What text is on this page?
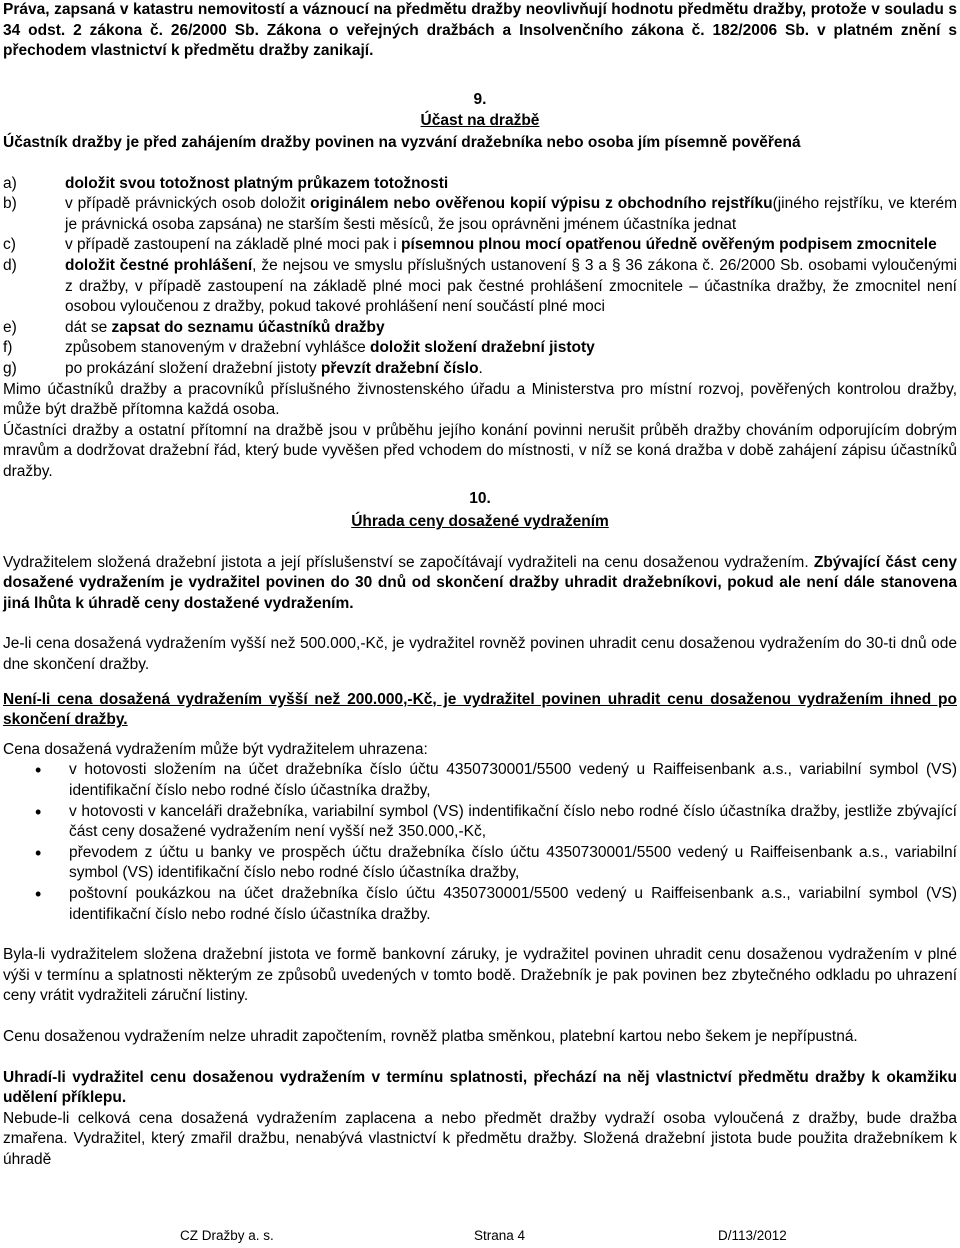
Práva, zapsaná v katastru nemovitostí a váznoucí na předmětu dražby neovlivňují hodnotu předmětu dražby, protože v souladu s 34 odst. 2 zákona č. 26/2000 Sb. Zákona o veřejných dražbách a Insolvenčního zákona č. 182/2006 Sb. v platném znění s přechodem vlastnictví k předmětu dražby zanikají.

9.

Účast na dražbě

Účastník dražby je před zahájením dražby povinen na vyzvání dražebníka nebo osoba jím písemně pověřená

a)	doložit svou totožnost platným průkazem totožnosti
b)	v případě právnických osob doložit originálem nebo ověřenou kopií výpisu z obchodního rejstříku(jiného rejstříku, ve kterém je právnická osoba zapsána) ne starším šesti měsíců, že jsou oprávněni jménem účastníka jednat
c)	v případě zastoupení na základě plné moci pak i písemnou plnou mocí opatřenou úředně ověřeným podpisem zmocnitele
d)	doložit čestné prohlášení, že nejsou ve smyslu příslušných ustanovení § 3 a § 36 zákona č. 26/2000 Sb. osobami vyloučenými z dražby, v případě zastoupení na základě plné moci pak čestné prohlášení zmocnitele – účastníka dražby, že zmocnitel není osobou vyloučenou z dražby, pokud takové prohlášení není součástí plné moci
e)	dát se zapsat do seznamu účastníků dražby
f)	způsobem stanoveným v dražební vyhlášce doložit složení dražební jistoty
g)	po prokázání složení dražební jistoty převzít dražební číslo.

Mimo účastníků dražby a pracovníků příslušného živnostenského úřadu a Ministerstva pro místní rozvoj, pověřených kontrolou dražby, může být dražbě přítomna každá osoba.

Účastníci dražby a ostatní přítomní na dražbě jsou v průběhu jejího konání povinni nerušit průběh dražby chováním odporujícím dobrým mravům a dodržovat dražební řád, který bude vyvěšen před vchodem do místnosti, v níž se koná dražba v době zahájení zápisu účastníků dražby.

10.

Úhrada ceny dosažené vydražením

Vydražitelem složená dražební jistota a její příslušenství se započítávají vydražiteli na cenu dosaženou vydražením. Zbývající část ceny dosažené vydražením je vydražitel povinen do 30 dnů od skončení dražby uhradit dražebníkovi, pokud ale není dále stanovena jiná lhůta k úhradě ceny dostažené vydražením.

Je-li cena dosažená vydražením vyšší než 500.000,-Kč, je vydražitel rovněž povinen uhradit cenu dosaženou vydražením do 30-ti dnů ode dne skončení dražby.

Není-li cena dosažená vydražením vyšší než 200.000,-Kč, je vydražitel povinen uhradit cenu dosaženou vydražením ihned po skončení dražby.

Cena dosažená vydražením může být vydražitelem uhrazena:

• v hotovosti složením na účet dražebníka číslo účtu 4350730001/5500 vedený u Raiffeisenbank a.s., variabilní symbol (VS) identifikační číslo nebo rodné číslo účastníka dražby,
• v hotovosti v kanceláři dražebníka, variabilní symbol (VS) indentifikační číslo nebo rodné číslo účastníka dražby, jestliže zbývající část ceny dosažené vydražením není vyšší než 350.000,-Kč,
• převodem z účtu u banky ve prospěch účtu dražebníka číslo účtu 4350730001/5500 vedený u Raiffeisenbank a.s., variabilní symbol (VS) identifikační číslo nebo rodné číslo účastníka dražby,
• poštovní poukázkou na účet dražebníka číslo účtu 4350730001/5500 vedený u Raiffeisenbank a.s., variabilní symbol (VS) identifikační číslo nebo rodné číslo účastníka dražby.

Byla-li vydražitelem složena dražební jistota ve formě bankovní záruky, je vydražitel povinen uhradit cenu dosaženou vydražením v plné výši v termínu a splatnosti některým ze způsobů uvedených v tomto bodě. Dražebník je pak povinen bez zbytečného odkladu po uhrazení ceny vrátit vydražiteli záruční listiny.

Cenu dosaženou vydražením nelze uhradit započtením, rovněž platba směnkou, platební kartou nebo šekem je nepřípustná.

Uhradí-li vydražitel cenu dosaženou vydražením v termínu splatnosti, přechází na něj vlastnictví předmětu dražby k okamžiku udělení příklepu.

Nebude-li celková cena dosažená vydražením zaplacena a nebo předmět dražby vydraží osoba vyloučená z dražby, bude dražba zmařena. Vydražitel, který zmařil dražbu, nenabývá vlastnictví k předmětu dražby. Složená dražební jistota bude použita dražebníkem k úhradě

CZ Dražby a. s.	Strana 4	D/113/2012
